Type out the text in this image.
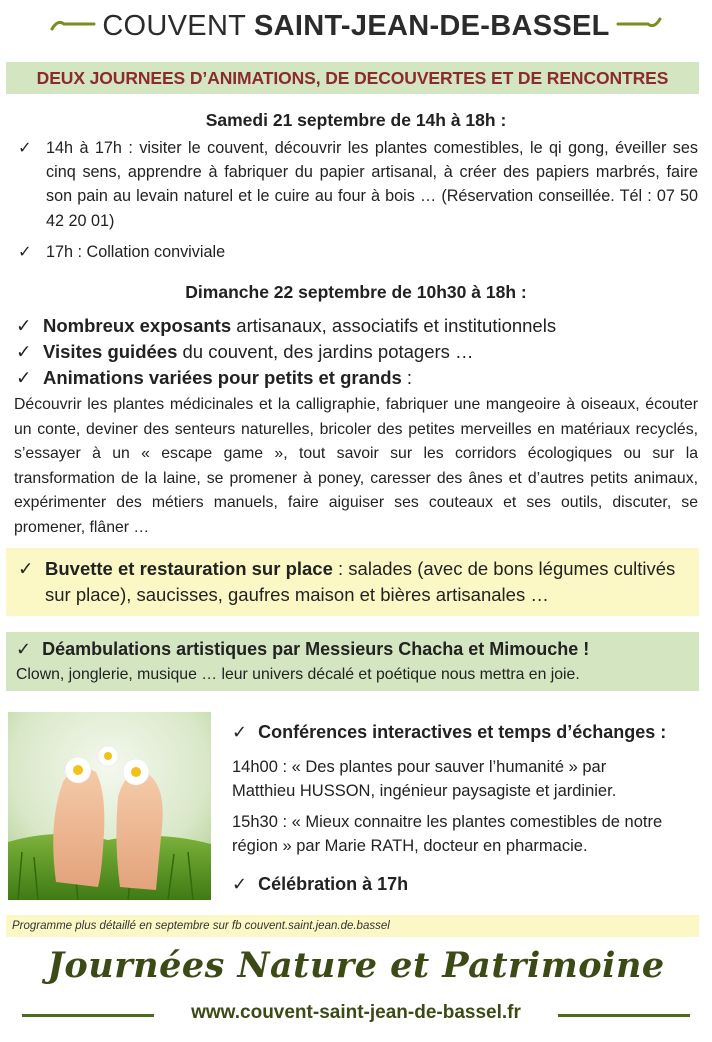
COUVENT SAINT-JEAN-DE-BASSEL
DEUX JOURNEES D’ANIMATIONS, DE DECOUVERTES ET DE RENCONTRES
Samedi 21 septembre de 14h à 18h :
✓ 14h à 17h : visiter le couvent, découvrir les plantes comestibles, le qi gong, éveiller ses cinq sens, apprendre à fabriquer du papier artisanal, à créer des papiers marbrés, faire son pain au levain naturel et le cuire au four à bois … (Réservation conseillée. Tél : 07 50 42 20 01)
✓ 17h : Collation conviviale
Dimanche 22 septembre de 10h30 à 18h :
✓ Nombreux exposants artisanaux, associatifs et institutionnels
✓ Visites guidées du couvent, des jardins potagers …
✓ Animations variées pour petits et grands :
Découvrir les plantes médicinales et la calligraphie, fabriquer une mangeoire à oiseaux, écouter un conte, deviner des senteurs naturelles, bricoler des petites merveilles en matériaux recyclés, s’essayer à un « escape game », tout savoir sur les corridors écologiques ou sur la transformation de la laine, se promener à poney, caresser des ânes et d’autres petits animaux, expérimenter des métiers manuels, faire aiguiser ses couteaux et ses outils, discuter, se promener, flâner …
✓ Buvette et restauration sur place : salades (avec de bons légumes cultivés sur place), saucisses, gaufres maison et bières artisanales …
✓ Déambulations artistiques par Messieurs Chacha et Mimouche !
Clown, jonglerie, musique … leur univers décalé et poétique nous mettra en joie.
✓ Conférences interactives et temps d’échanges :
14h00 : « Des plantes pour sauver l’humanité » par Matthieu HUSSON, ingénieur paysagiste et jardinier.
15h30 : « Mieux connaitre les plantes comestibles de notre région » par Marie RATH, docteur en pharmacie.
✓ Célébration à 17h
Programme plus détaillé en septembre sur fb couvent.saint.jean.de.bassel
Journées Nature et Patrimoine
www.couvent-saint-jean-de-bassel.fr
